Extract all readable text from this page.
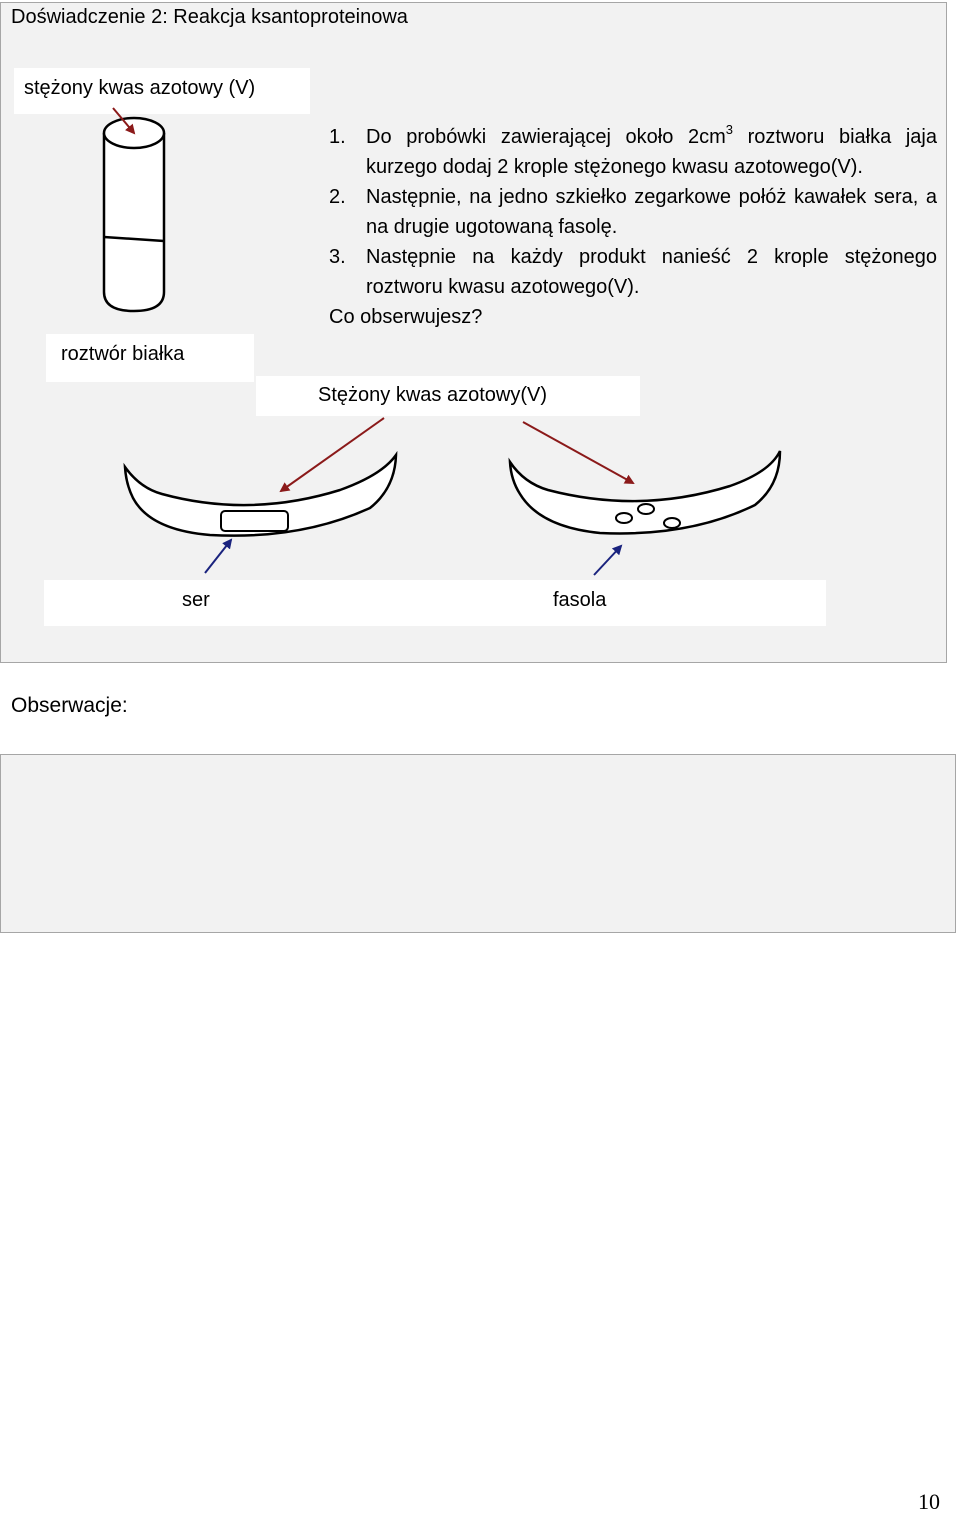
Doświadczenie 2: Reakcja ksantoproteinowa
stężony kwas azotowy (V)
roztwór białka
Stężony kwas azotowy(V)
ser	fasola
1. Do probówki zawierającej około $2cm^3$ roztworu białka jaja kurzego dodaj 2 krople stężonego kwasu azotowego(V).
2. Następnie, na jedno szkiełko zegarkowe połóż kawałek sera, a na drugie ugotowaną fasolę.
3. Następnie na każdy produkt nanieść 2 krople stężonego roztworu kwasu azotowego(V).
Co obserwujesz?
Obserwacje:
10
